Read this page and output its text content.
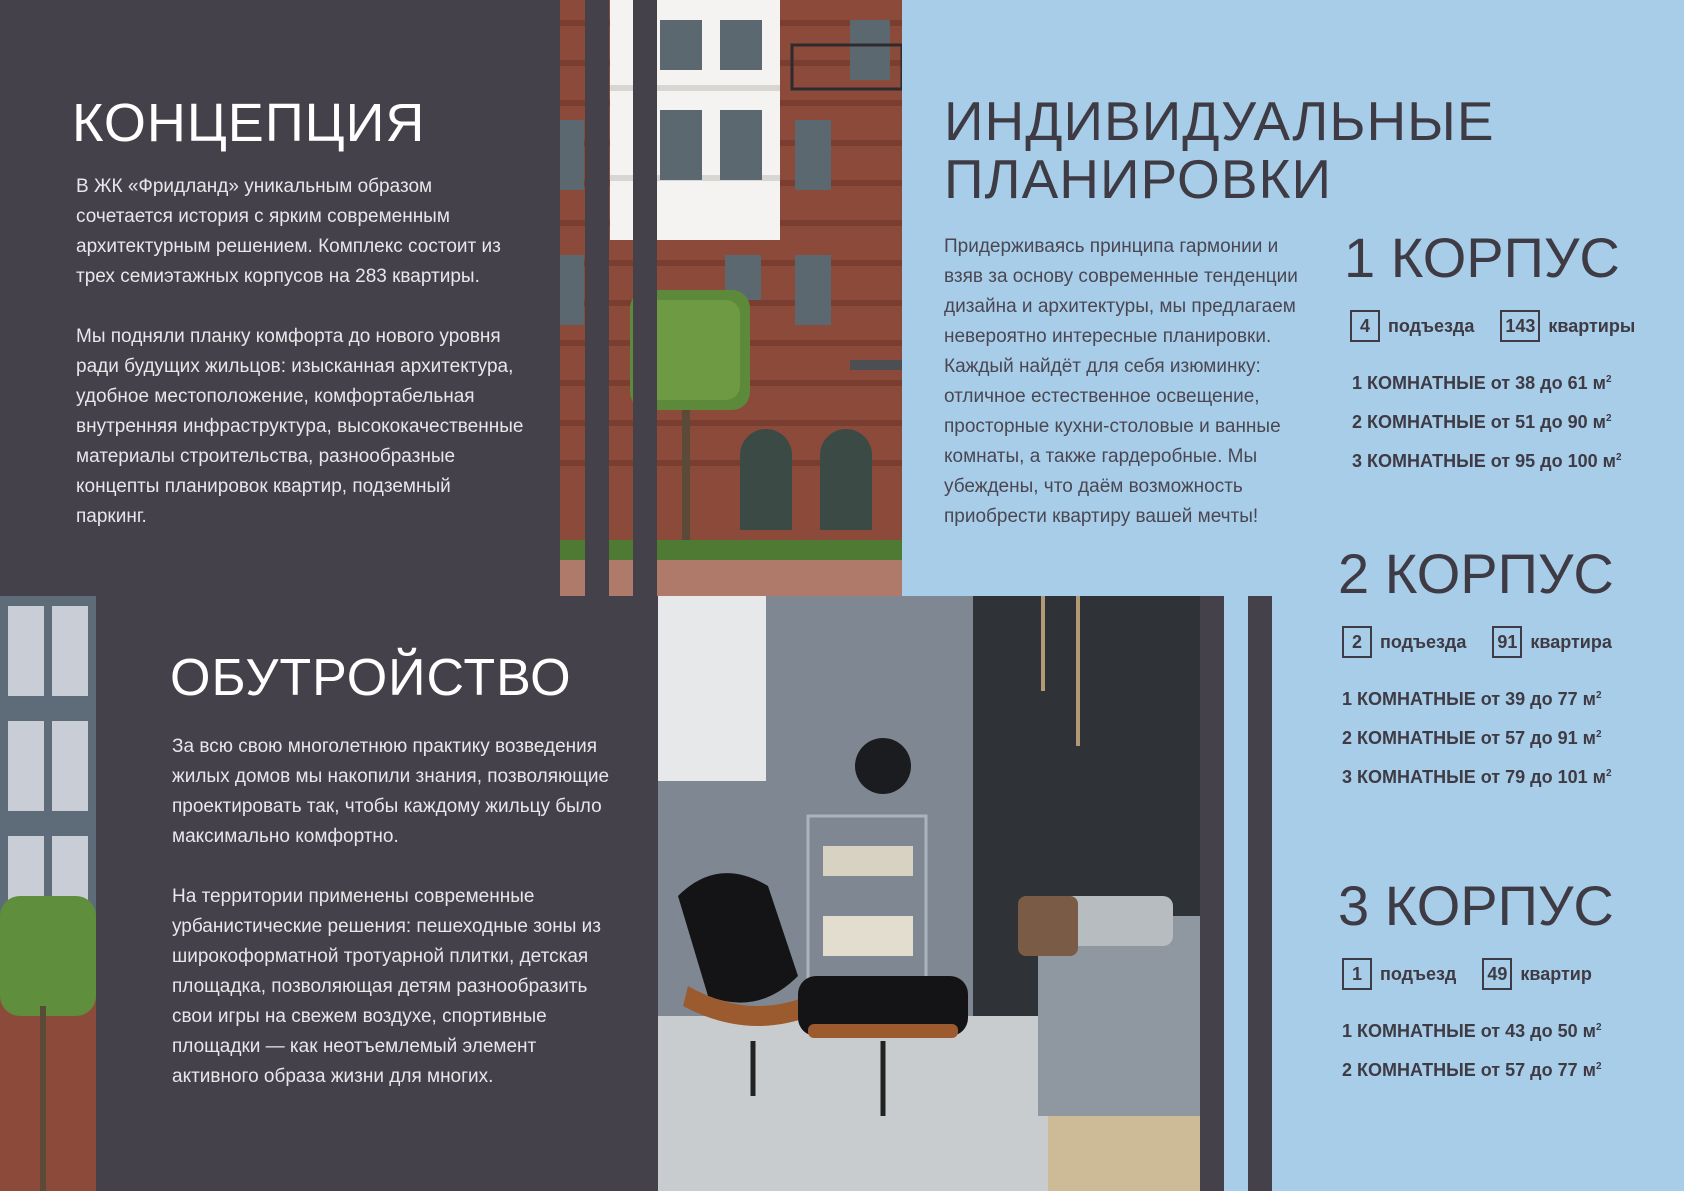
КОНЦЕПЦИЯ

В ЖК «Фридланд» уникальным образом сочетается история с ярким современным архитектурным решением. Комплекс состоит из трех семиэтажных корпусов на 283 квартиры.

Мы подняли планку комфорта до нового уровня ради будущих жильцов: изысканная архитектура, удобное местоположение, комфортабельная внутренняя инфраструктура, высококачественные материалы строительства, разнообразные концепты планировок квартир, подземный паркинг.

ОБУТРОЙСТВО

За всю свою многолетнюю практику возведения жилых домов мы накопили знания, позволяющие проектировать так, чтобы каждому жильцу было максимально комфортно.

На территории применены современные урбанистические решения: пешеходные зоны из широкоформатной тротуарной плитки, детская площадка, позволяющая детям разнообразить свои игры на свежем воздухе, спортивные площадки — как неотъемлемый элемент активного образа жизни для многих.

ИНДИВИДУАЛЬНЫЕ
ПЛАНИРОВКИ

Придерживаясь принципа гармонии и взяв за основу современные тенденции дизайна и архитектуры, мы предлагаем невероятно интересные планировки. Каждый найдёт для себя изюминку: отличное естественное освещение, просторные кухни-столовые и ванные комнаты, а также гардеробные. Мы убеждены, что даём возможность приобрести квартиру вашей мечты!

1 КОРПУС
4	подъезда 143 квартиры
1 КОМНАТНЫЕ от 38 до 61 $м^2$
2 КОМНАТНЫЕ от 51 до 90 $м^2$
3 КОМНАТНЫЕ от 95 до 100 $м^2$
2 КОРПУС
2	подъезда 91 квартира
1 КОМНАТНЫЕ от 39 до 77 $м^2$
2 КОМНАТНЫЕ от 57 до 91 $м^2$
3 КОМНАТНЫЕ от 79 до 101 $м^2$
3 КОРПУС
1	подъезд 49 квартир
1 КОМНАТНЫЕ от 43 до 50 $м^2$
2 КОМНАТНЫЕ от 57 до 77 $м^2$
